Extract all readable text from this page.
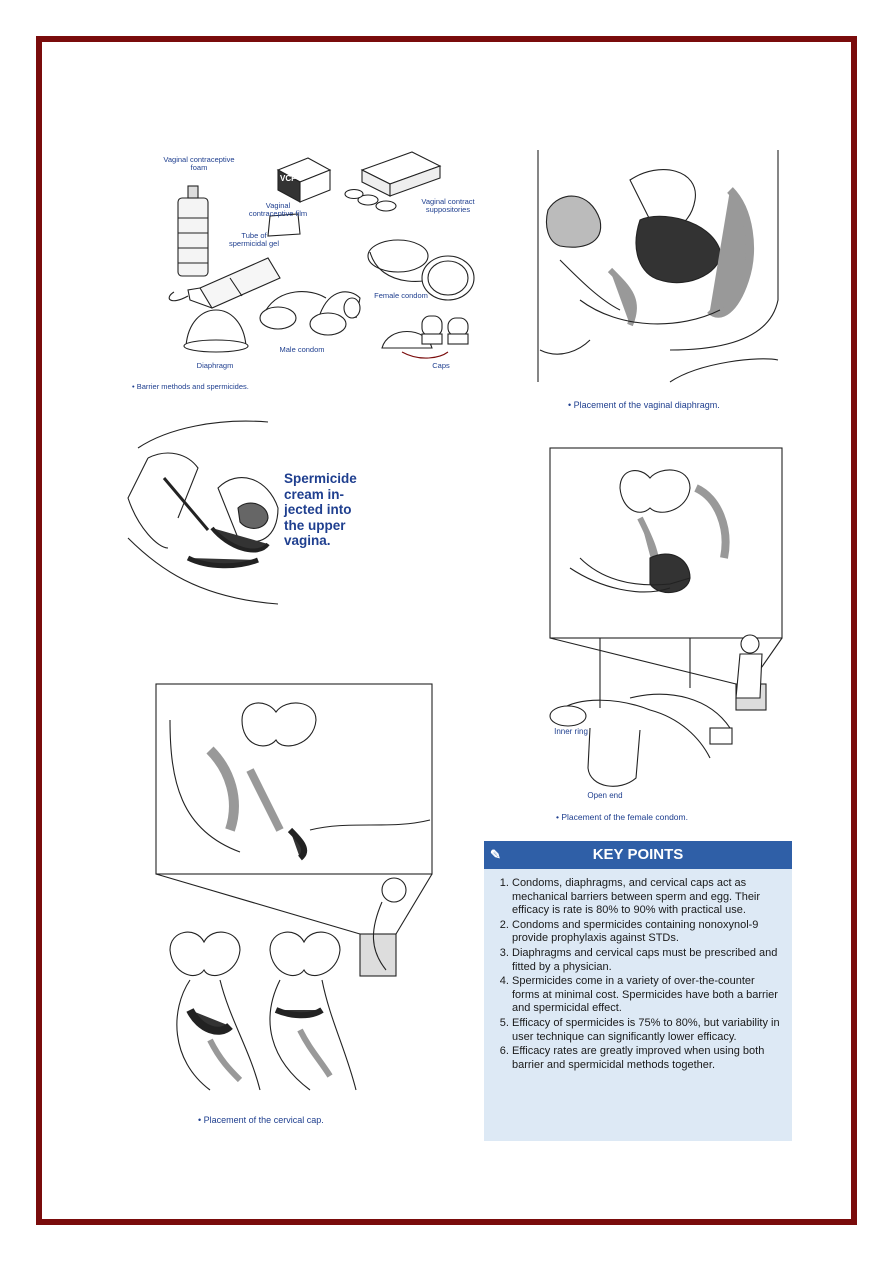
Vaginal contraceptive foam
VCF
Vaginal contraceptive film
Vaginal contract suppositories
Tube of spermicidal gel
Female condom
Diaphragm
Male condom
Caps
• Barrier methods and spermicides.
• Placement of the vaginal diaphragm.
Spermicide cream in- jected into the upper vagina.
Inner ring
Open end
• Placement of the female condom.
• Placement of the cervical cap.
✎	KEY POINTS
1. Condoms, diaphragms, and cervical caps act as mechanical barriers between sperm and egg. Their efficacy is rate is 80% to 90% with practical use.
2. Condoms and spermicides containing nonoxynol-9 provide prophylaxis against STDs.
3. Diaphragms and cervical caps must be prescribed and fitted by a physician.
4. Spermicides come in a variety of over-the-counter forms at minimal cost. Spermicides have both a barrier and spermicidal effect.
5. Efficacy of spermicides is 75% to 80%, but variability in user technique can significantly lower efficacy.
6. Efficacy rates are greatly improved when using both barrier and spermicidal methods together.
